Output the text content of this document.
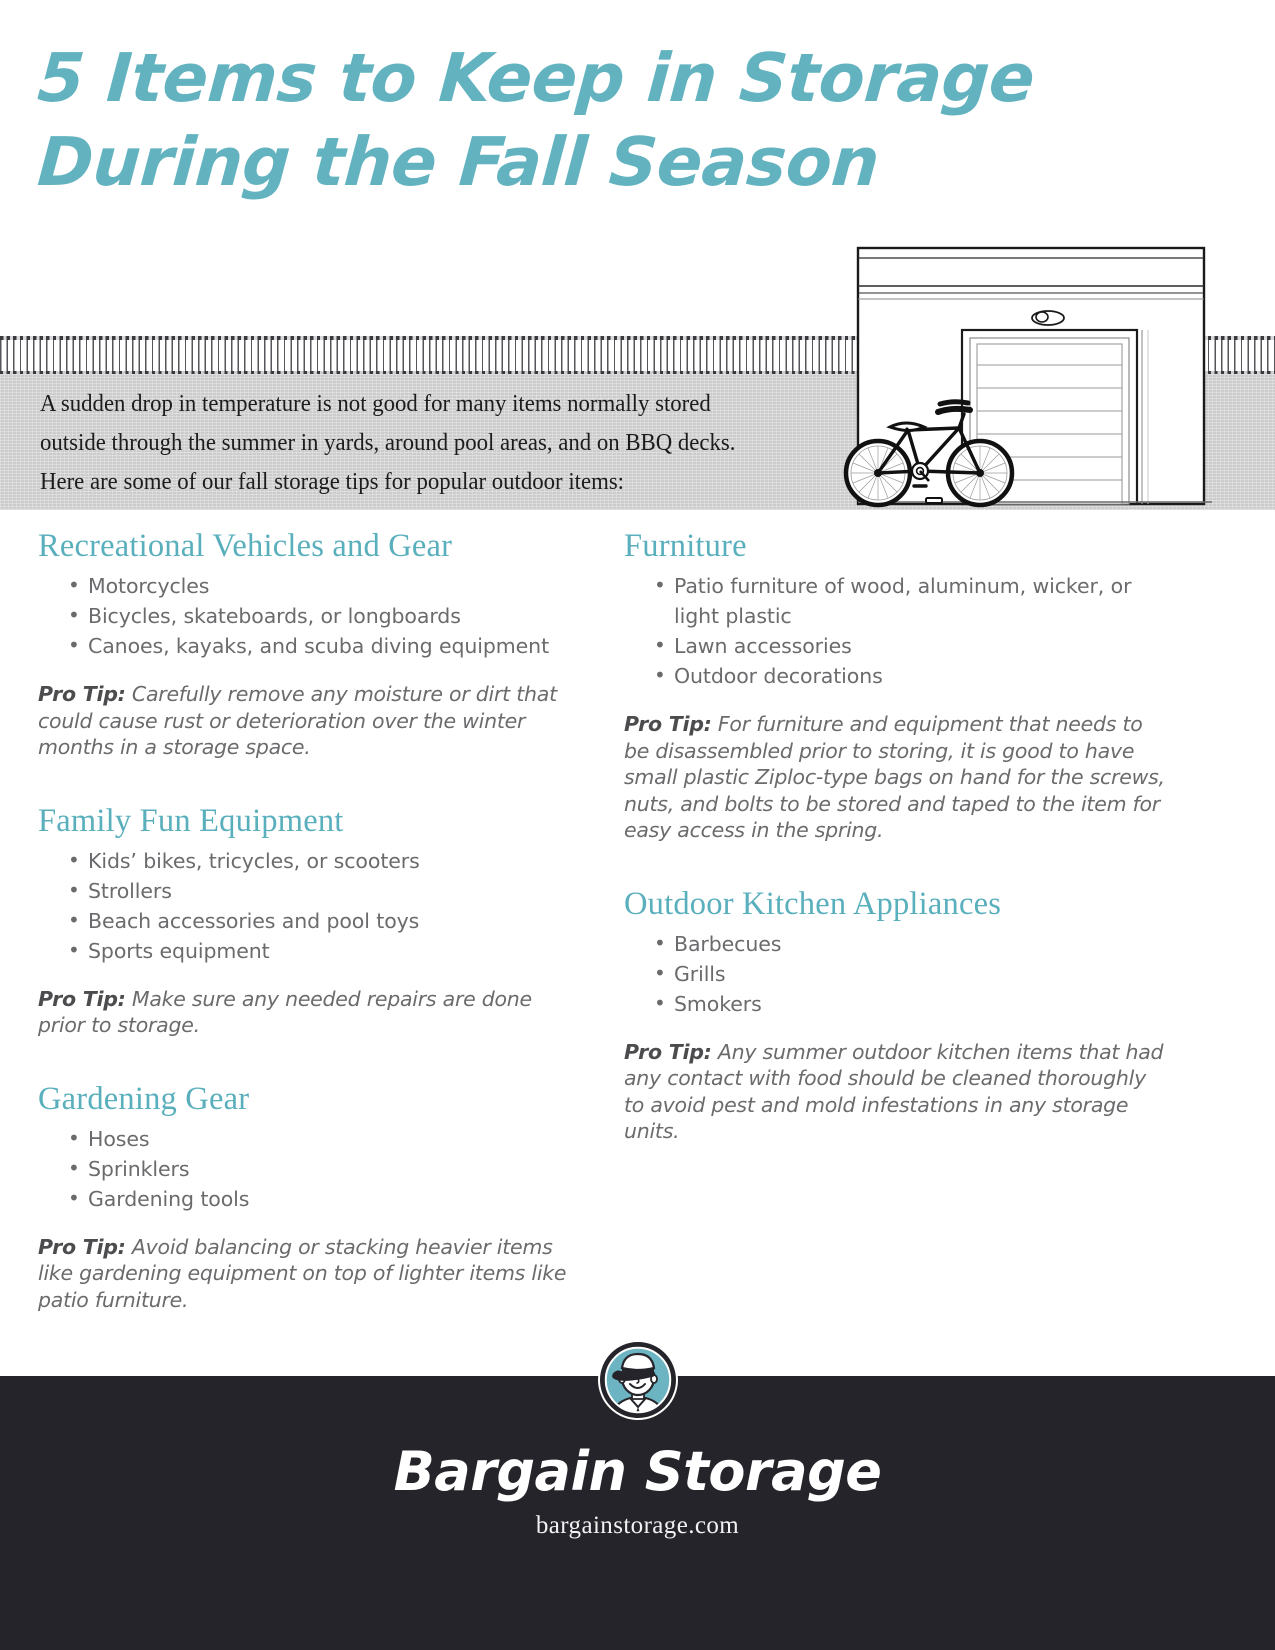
5 Items to Keep in Storage
During the Fall Season

A sudden drop in temperature is not good for many items normally stored

outside through the summer in yards, around pool areas, and on BBQ decks.

Here are some of our fall storage tips for popular outdoor items:

Recreational Vehicles and Gear
• Motorcycles
• Bicycles, skateboards, or longboards
• Canoes, kayaks, and scuba diving equipment

Pro Tip: Carefully remove any moisture or dirt that could cause rust or deterioration over the winter months in a storage space.

Family Fun Equipment
• Kids’ bikes, tricycles, or scooters
• Strollers
• Beach accessories and pool toys
• Sports equipment

Pro Tip: Make sure any needed repairs are done prior to storage.

Gardening Gear
• Hoses
• Sprinklers
• Gardening tools

Pro Tip: Avoid balancing or stacking heavier items like gardening equipment on top of lighter items like patio furniture.

Furniture
• Patio furniture of wood, aluminum, wicker, or light plastic
• Lawn accessories
• Outdoor decorations

Pro Tip: For furniture and equipment that needs to be disassembled prior to storing, it is good to have small plastic Ziploc-type bags on hand for the screws, nuts, and bolts to be stored and taped to the item for easy access in the spring.

Outdoor Kitchen Appliances
• Barbecues
• Grills
• Smokers

Pro Tip: Any summer outdoor kitchen items that had any contact with food should be cleaned thoroughly to avoid pest and mold infestations in any storage units.

Bargain Storage
bargainstorage.com
